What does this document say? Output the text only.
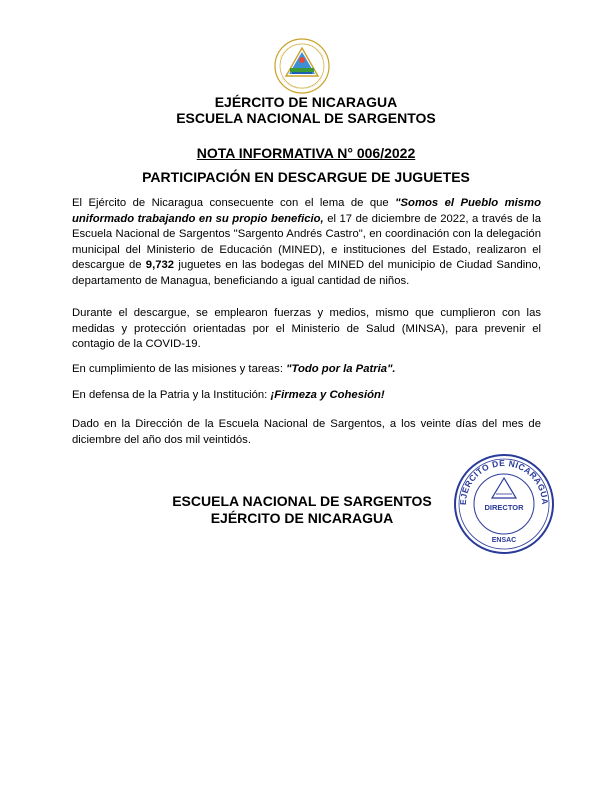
EJÉRCITO DE NICARAGUA
ESCUELA NACIONAL DE SARGENTOS
NOTA INFORMATIVA N° 006/2022
PARTICIPACIÓN EN DESCARGUE DE JUGUETES
El Ejército de Nicaragua consecuente con el lema de que "Somos el Pueblo mismo uniformado trabajando en su propio beneficio, el 17 de diciembre de 2022, a través de la Escuela Nacional de Sargentos "Sargento Andrés Castro", en coordinación con la delegación municipal del Ministerio de Educación (MINED), e instituciones del Estado, realizaron el descargue de 9,732 juguetes en las bodegas del MINED del municipio de Ciudad Sandino, departamento de Managua, beneficiando a igual cantidad de niños.
Durante el descargue, se emplearon fuerzas y medios, mismo que cumplieron con las medidas y protección orientadas por el Ministerio de Salud (MINSA), para prevenir el contagio de la COVID-19.
En cumplimiento de las misiones y tareas: "Todo por la Patria".
En defensa de la Patria y la Institución: ¡Firmeza y Cohesión!
Dado en la Dirección de la Escuela Nacional de Sargentos, a los veinte días del mes de diciembre del año dos mil veintidós.
ESCUELA NACIONAL DE SARGENTOS
EJÉRCITO DE NICARAGUA
EJÉRCITO DE NICARAGUA
DIRECTOR
ENSAC
